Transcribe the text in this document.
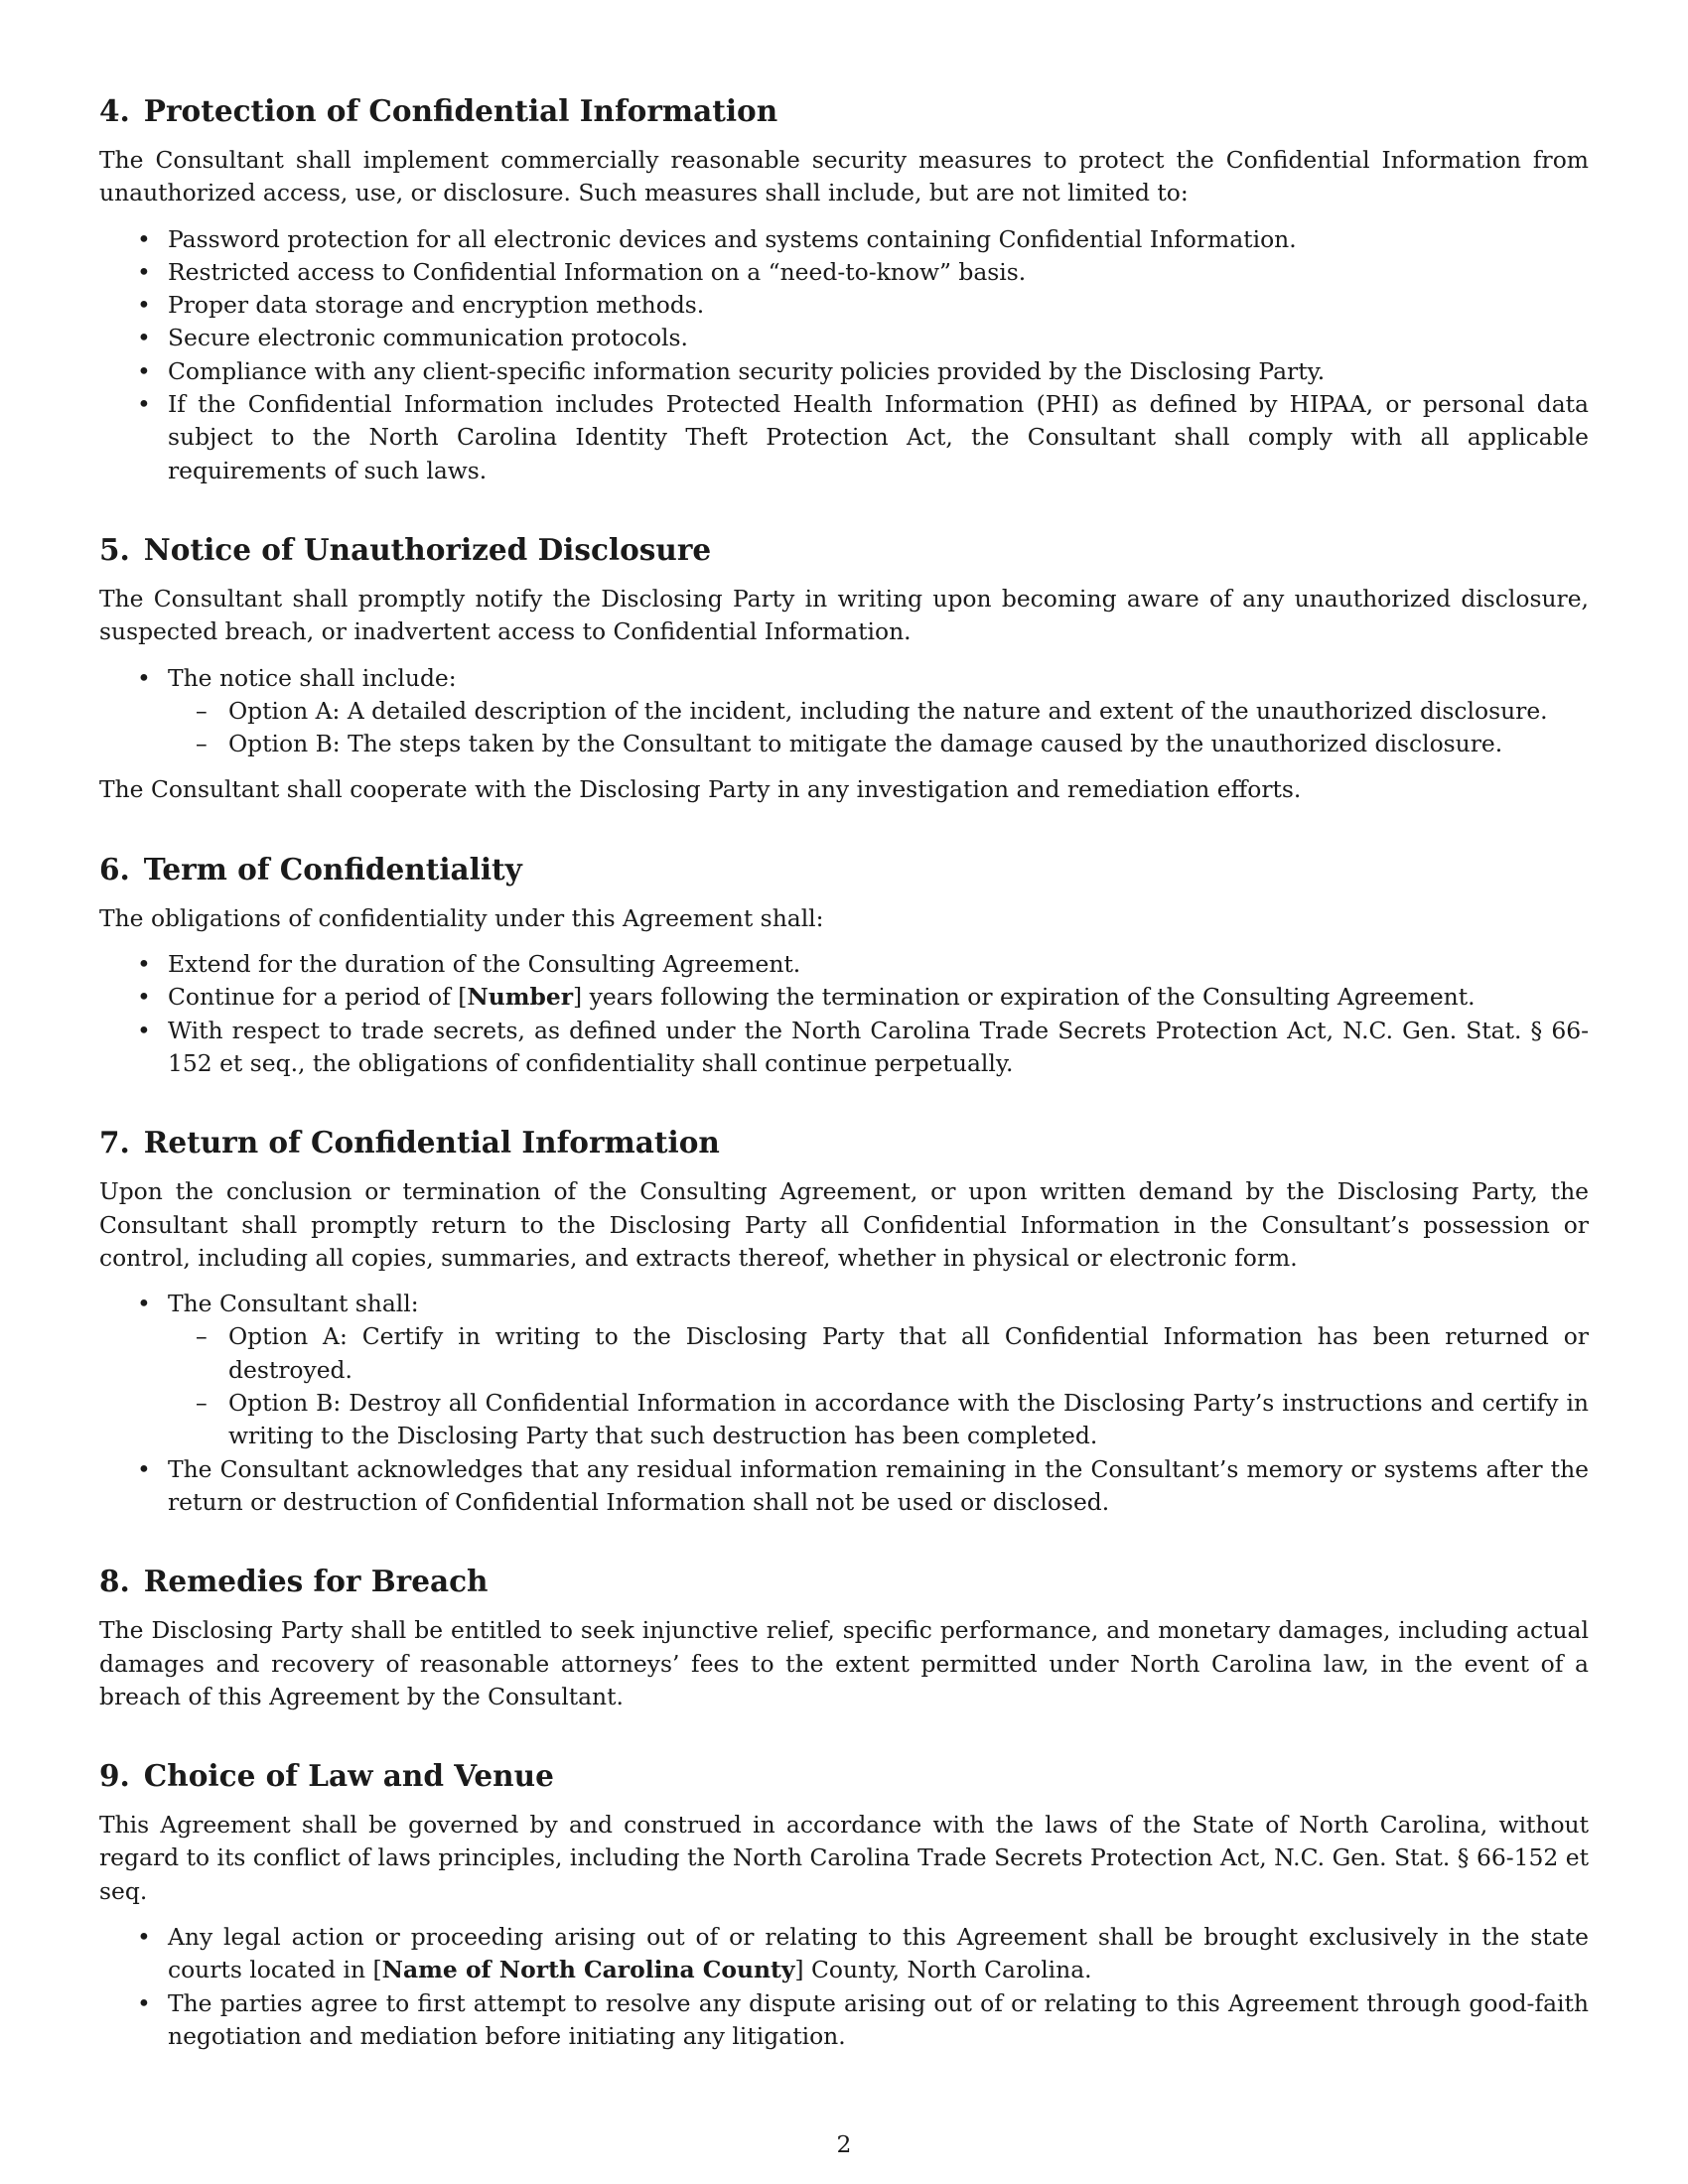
4. Protection of Confidential Information

The Consultant shall implement commercially reasonable security measures to protect the Confidential Information from unauthorized access, use, or disclosure. Such measures shall include, but are not limited to:

• Password protection for all electronic devices and systems containing Confidential Information.
• Restricted access to Confidential Information on a “need-to-know” basis.
• Proper data storage and encryption methods.
• Secure electronic communication protocols.
• Compliance with any client-specific information security policies provided by the Disclosing Party.
• If the Confidential Information includes Protected Health Information (PHI) as defined by HIPAA, or personal data subject to the North Carolina Identity Theft Protection Act, the Consultant shall comply with all applicable requirements of such laws.
5. Notice of Unauthorized Disclosure

The Consultant shall promptly notify the Disclosing Party in writing upon becoming aware of any unauthorized disclosure, suspected breach, or inadvertent access to Confidential Information.

• The notice shall include:
– Option A: A detailed description of the incident, including the nature and extent of the unauthorized disclosure.
– Option B: The steps taken by the Consultant to mitigate the damage caused by the unauthorized disclosure.

The Consultant shall cooperate with the Disclosing Party in any investigation and remediation efforts.

6. Term of Confidentiality

The obligations of confidentiality under this Agreement shall:

• Extend for the duration of the Consulting Agreement.
• Continue for a period of [Number] years following the termination or expiration of the Consulting Agreement.
• With respect to trade secrets, as defined under the North Carolina Trade Secrets Protection Act, N.C. Gen. Stat. § 66-152 et seq., the obligations of confidentiality shall continue perpetually.
7. Return of Confidential Information

Upon the conclusion or termination of the Consulting Agreement, or upon written demand by the Disclosing Party, the Consultant shall promptly return to the Disclosing Party all Confidential Information in the Consultant’s possession or control, including all copies, summaries, and extracts thereof, whether in physical or electronic form.

• The Consultant shall:
– Option A: Certify in writing to the Disclosing Party that all Confidential Information has been returned or destroyed.
– Option B: Destroy all Confidential Information in accordance with the Disclosing Party’s instructions and certify in writing to the Disclosing Party that such destruction has been completed.
• The Consultant acknowledges that any residual information remaining in the Consultant’s memory or systems after the return or destruction of Confidential Information shall not be used or disclosed.
8. Remedies for Breach

The Disclosing Party shall be entitled to seek injunctive relief, specific performance, and monetary damages, including actual damages and recovery of reasonable attorneys’ fees to the extent permitted under North Carolina law, in the event of a breach of this Agreement by the Consultant.

9. Choice of Law and Venue

This Agreement shall be governed by and construed in accordance with the laws of the State of North Carolina, without regard to its conflict of laws principles, including the North Carolina Trade Secrets Protection Act, N.C. Gen. Stat. § 66-152 et seq.

• Any legal action or proceeding arising out of or relating to this Agreement shall be brought exclusively in the state courts located in [Name of North Carolina County] County, North Carolina.
• The parties agree to first attempt to resolve any dispute arising out of or relating to this Agreement through good-faith negotiation and mediation before initiating any litigation.
2
